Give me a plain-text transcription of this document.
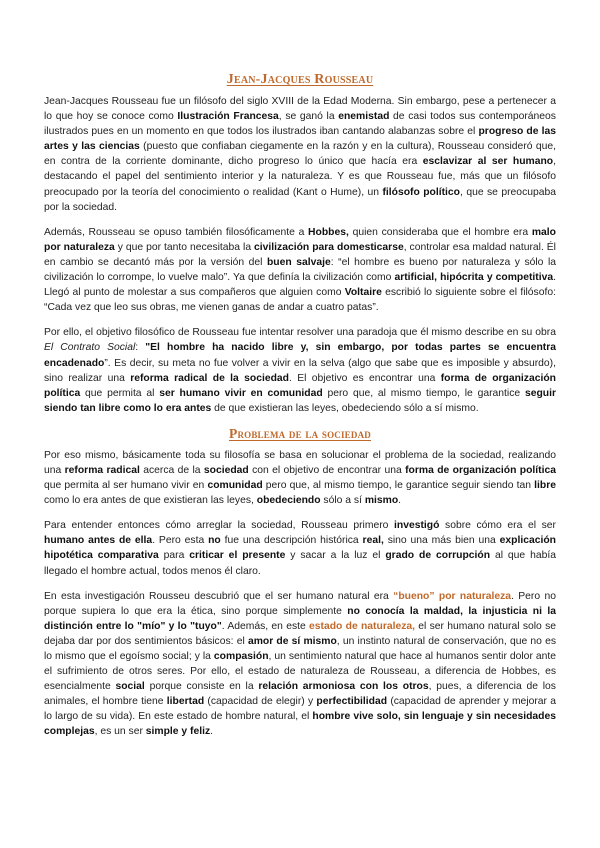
Jean-Jacques Rousseau

Jean-Jacques Rousseau fue un filósofo del siglo XVIII de la Edad Moderna. Sin embargo, pese a pertenecer a lo que hoy se conoce como Ilustración Francesa, se ganó la enemistad de casi todos sus contemporáneos ilustrados pues en un momento en que todos los ilustrados iban cantando alabanzas sobre el progreso de las artes y las ciencias (puesto que confiaban ciegamente en la razón y en la cultura), Rousseau consideró que, en contra de la corriente dominante, dicho progreso lo único que hacía era esclavizar al ser humano, destacando el papel del sentimiento interior y la naturaleza. Y es que Rousseau fue, más que un filósofo preocupado por la teoría del conocimiento o realidad (Kant o Hume), un filósofo político, que se preocupaba por la sociedad.

Además, Rousseau se opuso también filosóficamente a Hobbes, quien consideraba que el hombre era malo por naturaleza y que por tanto necesitaba la civilización para domesticarse, controlar esa maldad natural. Él en cambio se decantó más por la versión del buen salvaje: “el hombre es bueno por naturaleza y sólo la civilización lo corrompe, lo vuelve malo”. Ya que definía la civilización como artificial, hipócrita y competitiva. Llegó al punto de molestar a sus compañeros que alguien como Voltaire escribió lo siguiente sobre el filósofo: “Cada vez que leo sus obras, me vienen ganas de andar a cuatro patas”.

Por ello, el objetivo filosófico de Rousseau fue intentar resolver una paradoja que él mismo describe en su obra El Contrato Social: "El hombre ha nacido libre y, sin embargo, por todas partes se encuentra encadenado”. Es decir, su meta no fue volver a vivir en la selva (algo que sabe que es imposible y absurdo), sino realizar una reforma radical de la sociedad. El objetivo es encontrar una forma de organización política que permita al ser humano vivir en comunidad pero que, al mismo tiempo, le garantice seguir siendo tan libre como lo era antes de que existieran las leyes, obedeciendo sólo a sí mismo.

Problema de la sociedad

Por eso mismo, básicamente toda su filosofía se basa en solucionar el problema de la sociedad, realizando una reforma radical acerca de la sociedad con el objetivo de encontrar una forma de organización política que permita al ser humano vivir en comunidad pero que, al mismo tiempo, le garantice seguir siendo tan libre como lo era antes de que existieran las leyes, obedeciendo sólo a sí mismo.

Para entender entonces cómo arreglar la sociedad, Rousseau primero investigó sobre cómo era el ser humano antes de ella. Pero esta no fue una descripción histórica real, sino una más bien una explicación hipotética comparativa para criticar el presente y sacar a la luz el grado de corrupción al que había llegado el hombre actual, todos menos él claro.

En esta investigación Rousseu descubrió que el ser humano natural era “bueno” por naturaleza. Pero no porque supiera lo que era la ética, sino porque simplemente no conocía la maldad, la injusticia ni la distinción entre lo "mío" y lo "tuyo". Además, en este estado de naturaleza, el ser humano natural solo se dejaba dar por dos sentimientos básicos: el amor de sí mismo, un instinto natural de conservación, que no es lo mismo que el egoísmo social; y la compasión, un sentimiento natural que hace al humanos sentir dolor ante el sufrimiento de otros seres. Por ello, el estado de naturaleza de Rousseau, a diferencia de Hobbes, es esencialmente social porque consiste en la relación armoniosa con los otros, pues, a diferencia de los animales, el hombre tiene libertad (capacidad de elegir) y perfectibilidad (capacidad de aprender y mejorar a lo largo de su vida). En este estado de hombre natural, el hombre vive solo, sin lenguaje y sin necesidades complejas, es un ser simple y feliz.
